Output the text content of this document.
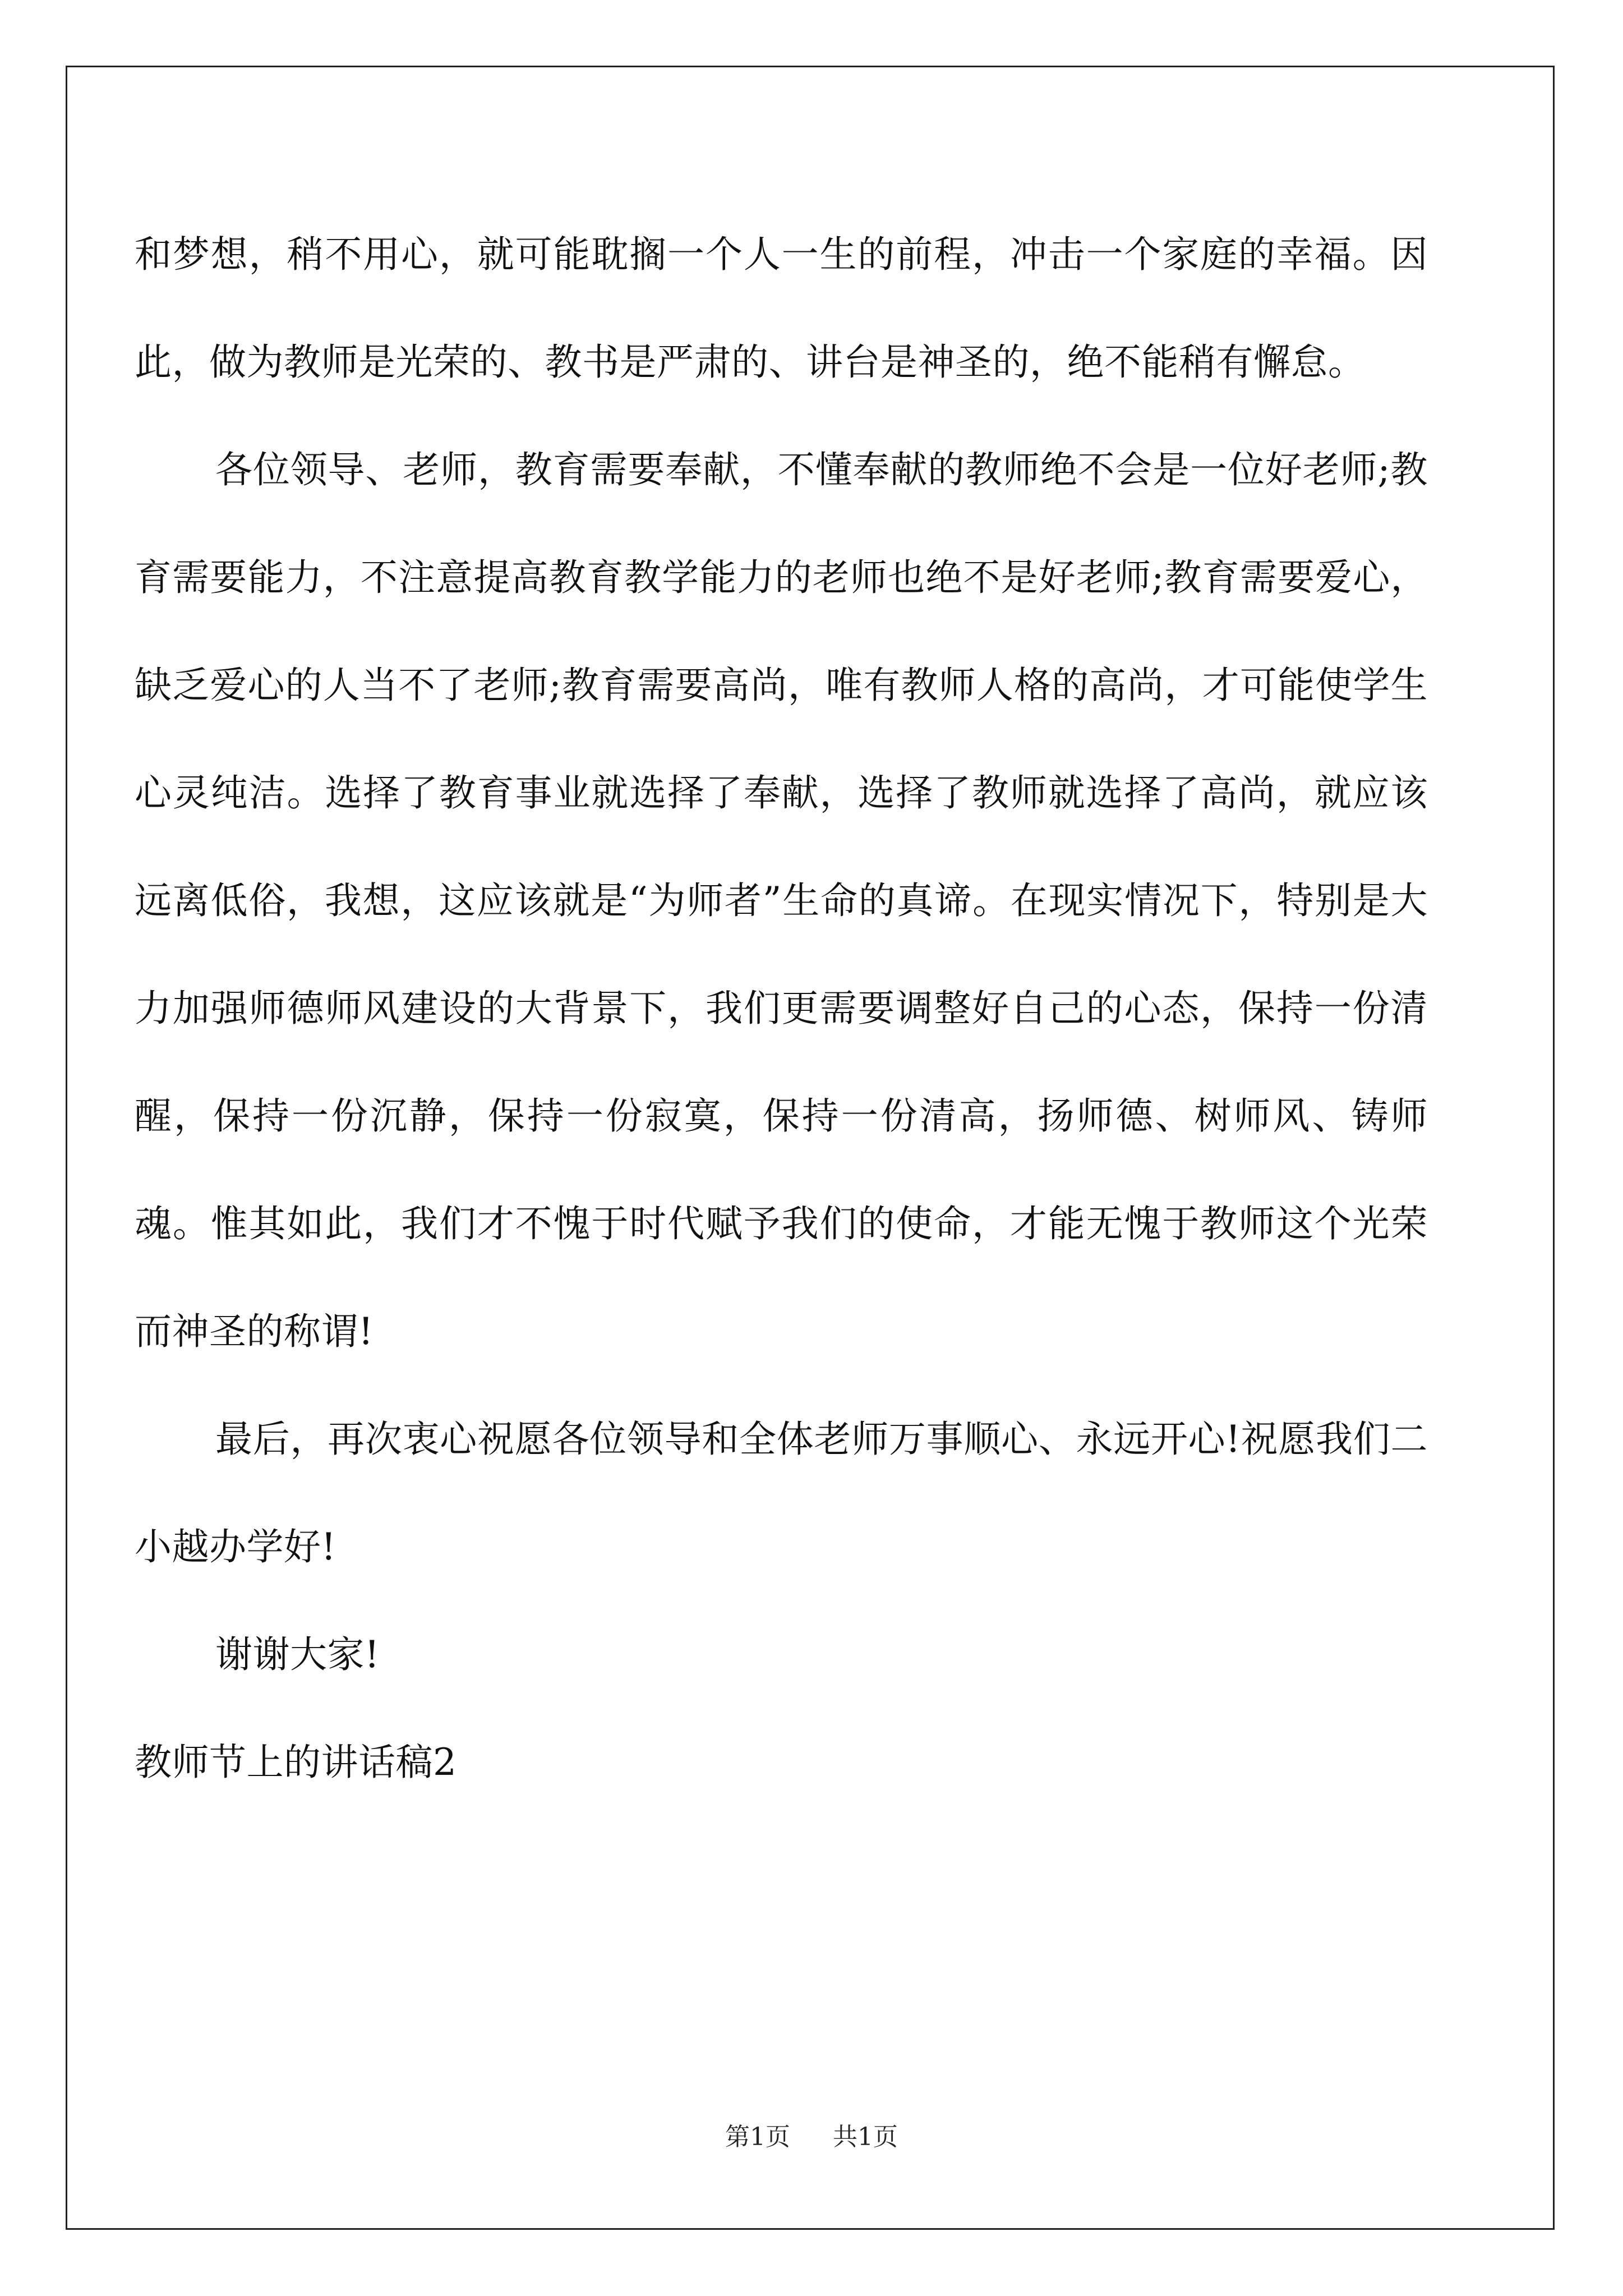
和梦想，稍不用心，就可能耽搁一个人一生的前程，冲击一个家庭的幸福。因此，做为教师是光荣的、教书是严肃的、讲台是神圣的，绝不能稍有懈怠。

各位领导、老师，教育需要奉献，不懂奉献的教师绝不会是一位好老师;教育需要能力，不注意提高教育教学能力的老师也绝不是好老师;教育需要爱心，缺乏爱心的人当不了老师;教育需要高尚，唯有教师人格的高尚，才可能使学生心灵纯洁。选择了教育事业就选择了奉献，选择了教师就选择了高尚，就应该远离低俗，我想，这应该就是“为师者”生命的真谛。在现实情况下，特别是大力加强师德师风建设的大背景下，我们更需要调整好自己的心态，保持一份清醒，保持一份沉静，保持一份寂寞，保持一份清高，扬师德、树师风、铸师魂。惟其如此，我们才不愧于时代赋予我们的使命，才能无愧于教师这个光荣而神圣的称谓!

最后，再次衷心祝愿各位领导和全体老师万事顺心、永远开心!祝愿我们二小越办学好!

谢谢大家!

教师节上的讲话稿2

第1页 共1页
